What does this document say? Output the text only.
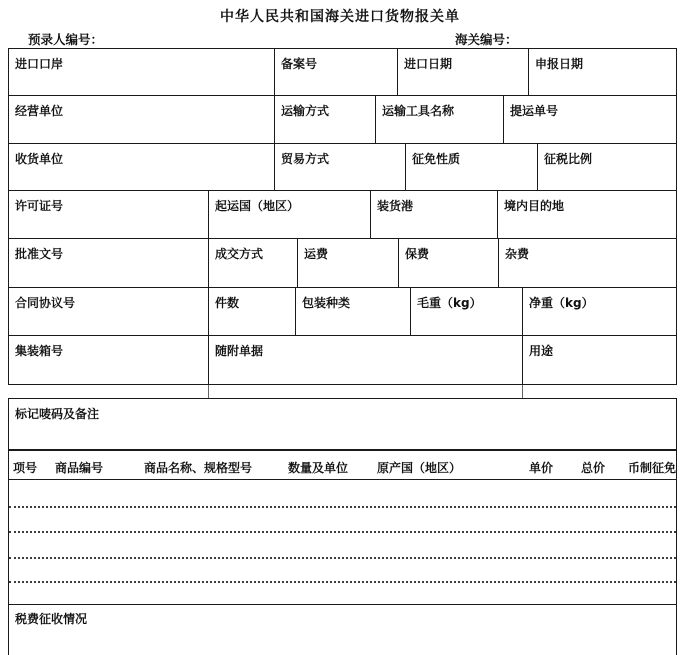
中华人民共和国海关进口货物报关单
预录人编号：	海关编号：
进口口岸	备案号	进口日期	申报日期
经营单位	运输方式	运输工具名称	提运单号
收货单位	贸易方式	征免性质	征税比例
许可证号	起运国（地区）	装货港	境内目的地
批准文号	成交方式	运费	保费	杂费
合同协议号	件数	包装种类	毛重（kg）	净重（kg）
集装箱号	随附单据	用途
标记唛码及备注
项号 商品编号	商品名称、规格型号	数量及单位 原产国（地区）	单价 总价 币制 征免
税费征收情况
